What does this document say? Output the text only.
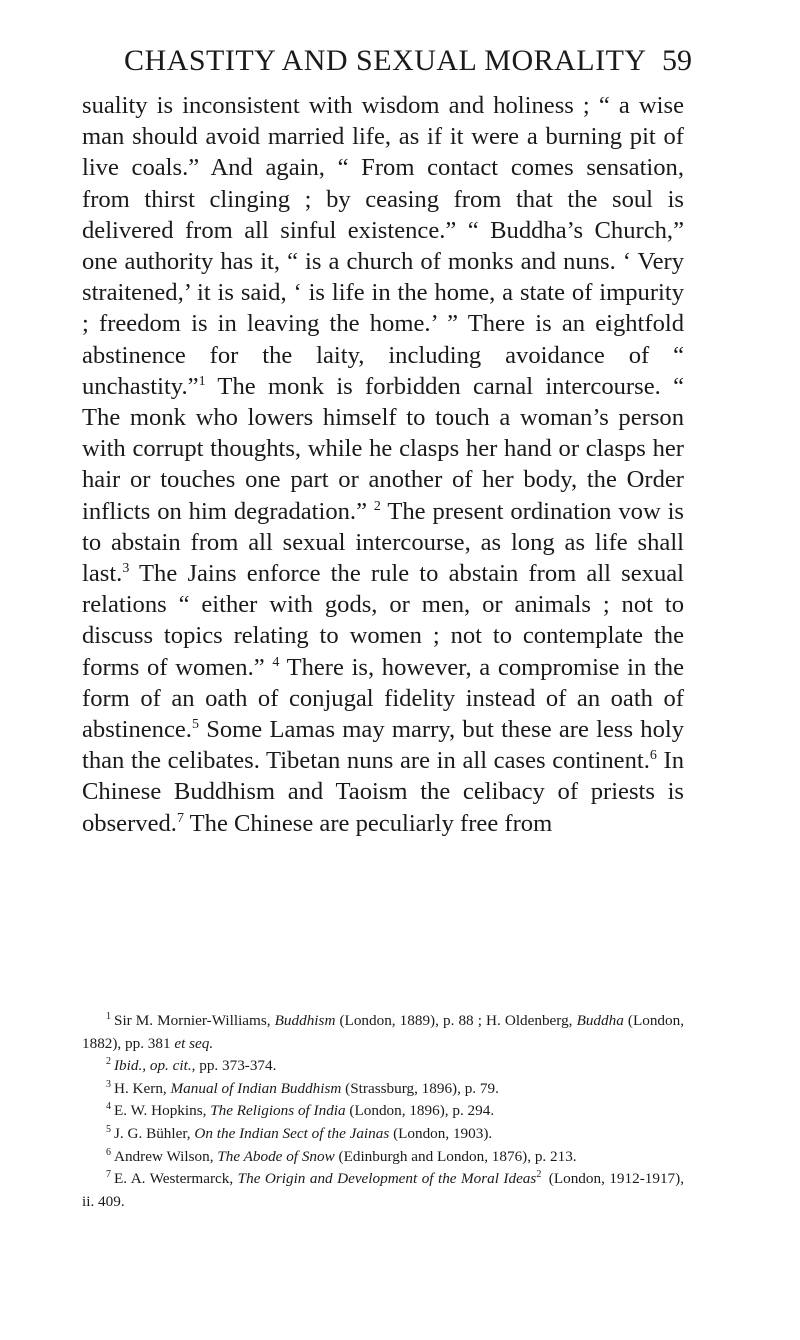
CHASTITY AND SEXUAL MORALITY 59

suality is inconsistent with wisdom and holiness ; “ a wise man should avoid married life, as if it were a burning pit of live coals.” And again, “ From contact comes sensation, from thirst clinging ; by ceasing from that the soul is delivered from all sinful existence.” “ Buddha’s Church,” one authority has it, “ is a church of monks and nuns. ‘ Very straitened,’ it is said, ‘ is life in the home, a state of impurity ; freedom is in leaving the home.’ ” There is an eightfold abstinence for the laity, including avoidance of “ unchastity.”$^1$ The monk is forbidden carnal intercourse. “ The monk who lowers himself to touch a woman’s person with corrupt thoughts, while he clasps her hand or clasps her hair or touches one part or another of her body, the Order inflicts on him degradation.” $^2$ The present ordination vow is to abstain from all sexual intercourse, as long as life shall last.$^3$ The Jains enforce the rule to abstain from all sexual relations “ either with gods, or men, or animals ; not to discuss topics relating to women ; not to contemplate the forms of women.” $^4$ There is, however, a compromise in the form of an oath of conjugal fidelity instead of an oath of abstinence.$^5$ Some Lamas may marry, but these are less holy than the celibates. Tibetan nuns are in all cases continent.$^6$ In Chinese Buddhism and Taoism the celibacy of priests is observed.$^7$ The Chinese are peculiarly free from

$^1$ Sir M. Mornier-Williams, Buddhism (London, 1889), p. 88 ; H. Oldenberg, Buddha (London, 1882), pp. 381 et seq.

$^2$ Ibid., op. cit., pp. 373-374.

$^3$ H. Kern, Manual of Indian Buddhism (Strassburg, 1896), p. 79.

$^4$ E. W. Hopkins, The Religions of India (London, 1896), p. 294.

$^5$ J. G. Bühler, On the Indian Sect of the Jainas (London, 1903).

$^6$ Andrew Wilson, The Abode of Snow (Edinburgh and London, 1876), p. 213.

$^7$ E. A. Westermarck, The Origin and Development of the Moral Ideas$^2$ (London, 1912-1917), ii. 409.
